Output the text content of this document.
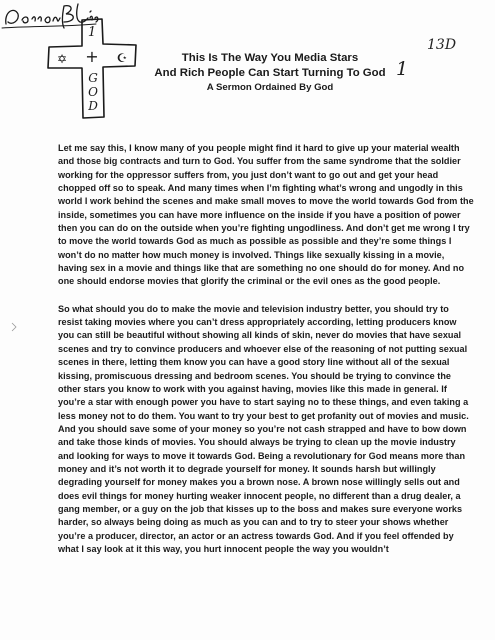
1
+
✡	☪
G
O
D
This Is The Way You Media Stars
And Rich People Can Start Turning To God
A Sermon Ordained By God
13D
1

Let me say this, I know many of you people might find it hard to give up your material wealth and those big contracts and turn to God. You suffer from the same syndrome that the soldier working for the oppressor suffers from, you just don’t want to go out and get your head chopped off so to speak. And many times when I’m fighting what’s wrong and ungodly in this world I work behind the scenes and make small moves to move the world towards God from the inside, sometimes you can have more influence on the inside if you have a position of power then you can do on the outside when you’re fighting ungodliness. And don’t get me wrong I try to move the world towards God as much as possible as possible and they’re some things I won’t do no matter how much money is involved. Things like sexually kissing in a movie, having sex in a movie and things like that are something no one should do for money. And no one should endorse movies that glorify the criminal or the evil ones as the good people.

So what should you do to make the movie and television industry better, you should try to resist taking movies where you can’t dress appropriately according, letting producers know you can still be beautiful without showing all kinds of skin, never do movies that have sexual scenes and try to convince producers and whoever else of the reasoning of not putting sexual scenes in there, letting them know you can have a good story line without all of the sexual kissing, promiscuous dressing and bedroom scenes. You should be trying to convince the other stars you know to work with you against having, movies like this made in general. If you’re a star with enough power you have to start saying no to these things, and even taking a less money not to do them. You want to try your best to get profanity out of movies and music. And you should save some of your money so you’re not cash strapped and have to bow down and take those kinds of movies. You should always be trying to clean up the movie industry and looking for ways to move it towards God. Being a revolutionary for God means more than money and it’s not worth it to degrade yourself for money. It sounds harsh but willingly degrading yourself for money makes you a brown nose. A brown nose willingly sells out and does evil things for money hurting weaker innocent people, no different than a drug dealer, a gang member, or a guy on the job that kisses up to the boss and makes sure everyone works harder, so always being doing as much as you can and to try to steer your shows whether you’re a producer, director, an actor or an actress towards God. And if you feel offended by what I say look at it this way, you hurt innocent people the way you wouldn’t
